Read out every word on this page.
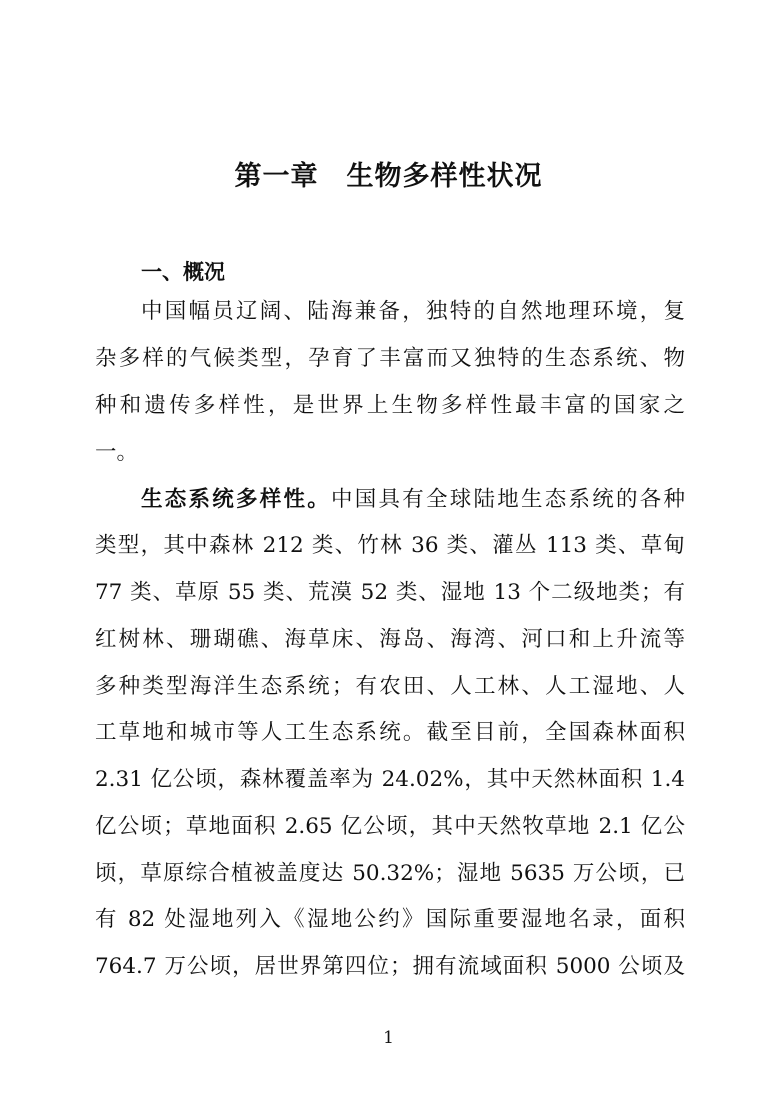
第一章　生物多样性状况
一、概况
中国幅员辽阔、陆海兼备，独特的自然地理环境，复
杂多样的气候类型，孕育了丰富而又独特的生态系统、物
种和遗传多样性，是世界上生物多样性最丰富的国家之
一。
生态系统多样性。中国具有全球陆地生态系统的各种
类型，其中森林 212 类、竹林 36 类、灌丛 113 类、草甸
77 类、草原 55 类、荒漠 52 类、湿地 13 个二级地类；有
红树林、珊瑚礁、海草床、海岛、海湾、河口和上升流等
多种类型海洋生态系统；有农田、人工林、人工湿地、人
工草地和城市等人工生态系统。截至目前，全国森林面积
2.31 亿公顷，森林覆盖率为 24.02%，其中天然林面积 1.4
亿公顷；草地面积 2.65 亿公顷，其中天然牧草地 2.1 亿公
顷，草原综合植被盖度达 50.32%；湿地 5635 万公顷，已
有 82 处湿地列入《湿地公约》国际重要湿地名录，面积
764.7 万公顷，居世界第四位；拥有流域面积 5000 公顷及
1
